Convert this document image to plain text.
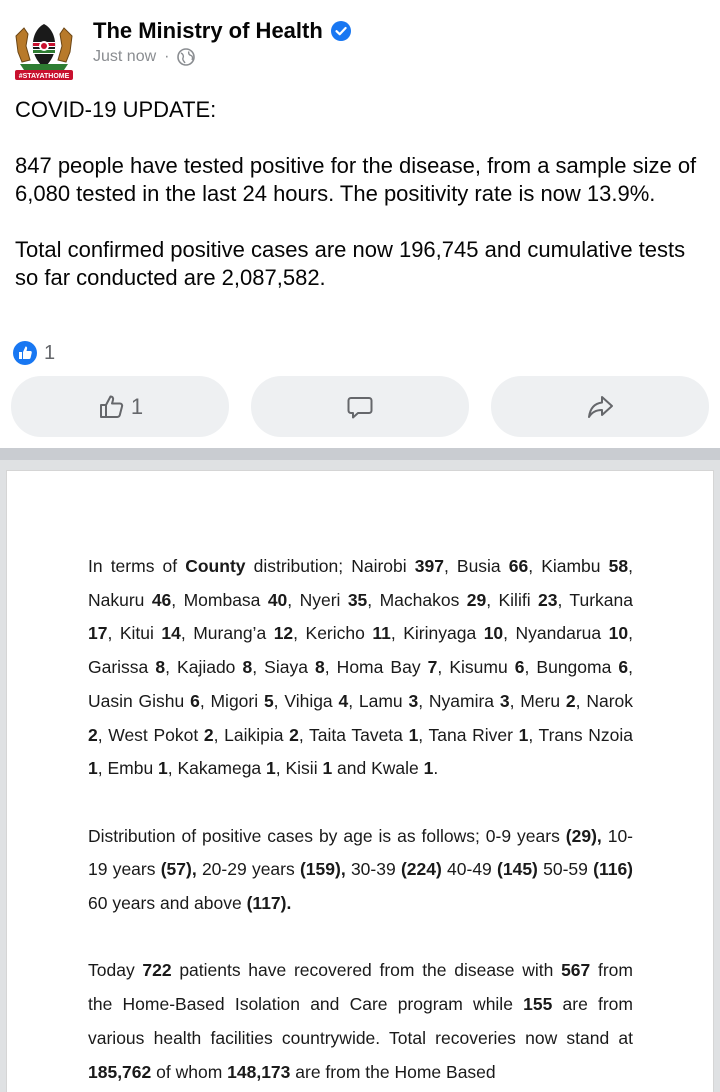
#STAYATHOME
The Ministry of Health
Just now ·

COVID-19 UPDATE:

847 people have tested positive for the disease, from a sample size of 6,080 tested in the last 24 hours. The positivity rate is now 13.9%.

Total confirmed positive cases are now 196,745 and cumulative tests so far conducted are 2,087,582.

1
1

In terms of County distribution; Nairobi 397, Busia 66, Kiambu 58, Nakuru 46, Mombasa 40, Nyeri 35, Machakos 29, Kilifi 23, Turkana 17, Kitui 14, Murang’a 12, Kericho 11, Kirinyaga 10, Nyandarua 10, Garissa 8, Kajiado 8, Siaya 8, Homa Bay 7, Kisumu 6, Bungoma 6, Uasin Gishu 6, Migori 5, Vihiga 4, Lamu 3, Nyamira 3, Meru 2, Narok 2, West Pokot 2, Laikipia 2, Taita Taveta 1, Tana River 1, Trans Nzoia 1, Embu 1, Kakamega 1, Kisii 1 and Kwale 1.

Distribution of positive cases by age is as follows; 0-9 years (29), 10-19 years (57), 20-29 years (159), 30-39 (224) 40-49 (145) 50-59 (116) 60 years and above (117).

Today 722 patients have recovered from the disease with 567 from the Home-Based Isolation and Care program while 155 are from various health facilities countrywide. Total recoveries now stand at 185,762 of whom 148,173 are from the Home Based
